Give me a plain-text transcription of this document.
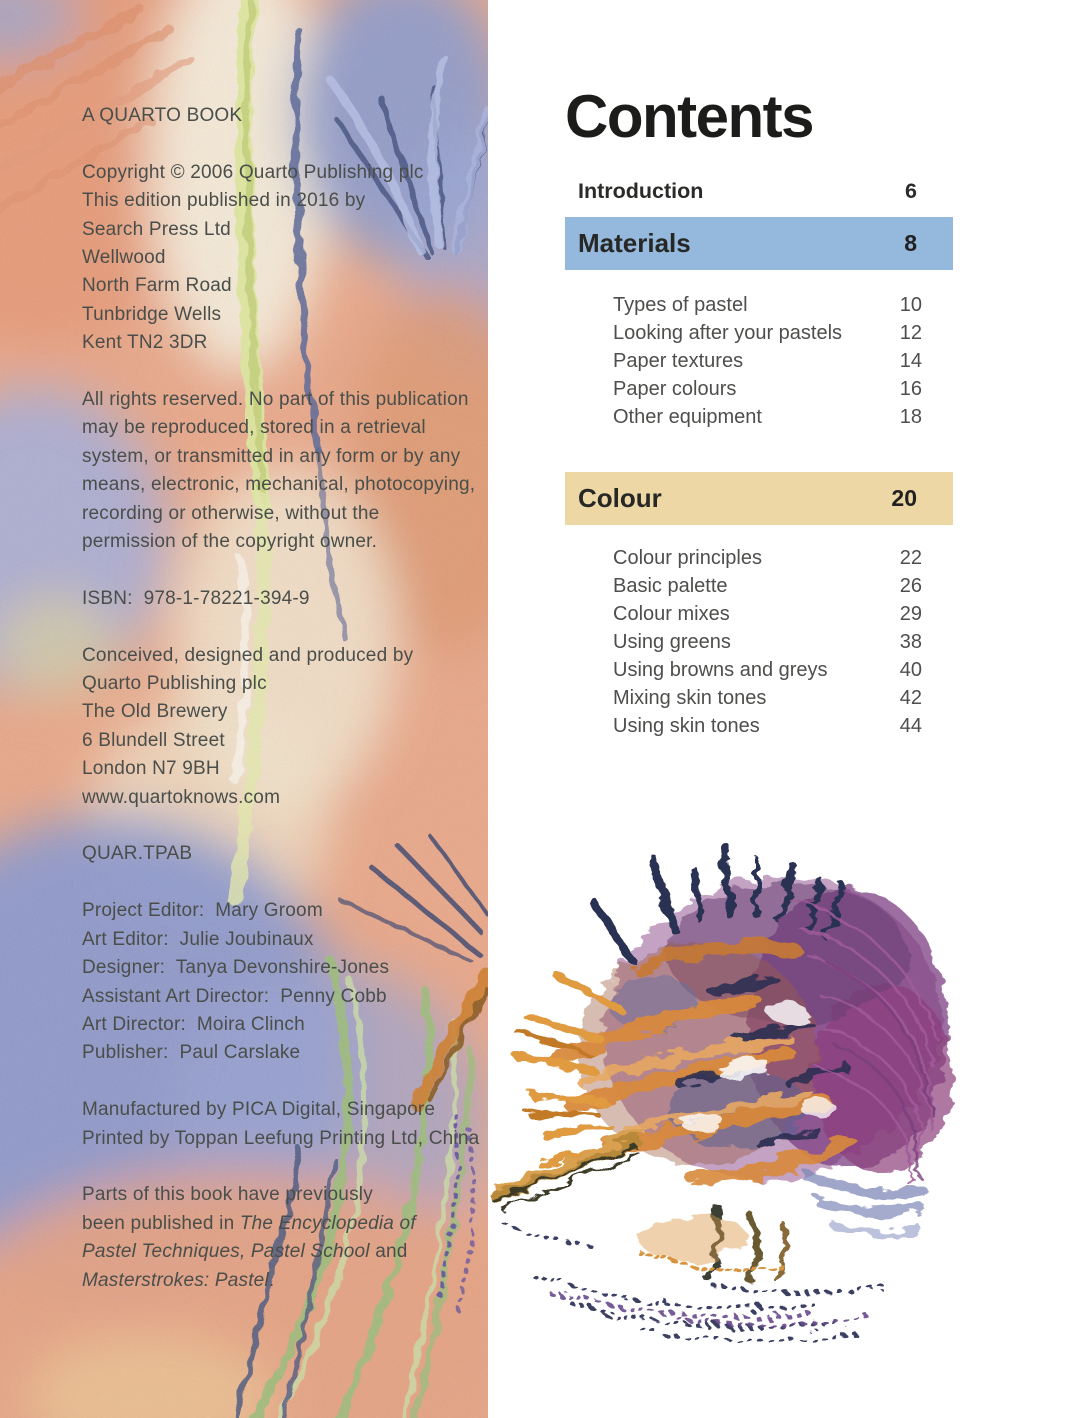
A QUARTO BOOK
Copyright © 2006 Quarto Publishing plc
This edition published in 2016 by
Search Press Ltd
Wellwood
North Farm Road
Tunbridge Wells
Kent TN2 3DR
All rights reserved. No part of this publication
may be reproduced, stored in a retrieval
system, or transmitted in any form or by any
means, electronic, mechanical, photocopying,
recording or otherwise, without the
permission of the copyright owner.
ISBN:  978-1-78221-394-9
Conceived, designed and produced by
Quarto Publishing plc
The Old Brewery
6 Blundell Street
London N7 9BH
www.quartoknows.com
QUAR.TPAB
Project Editor:  Mary Groom
Art Editor:  Julie Joubinaux
Designer:  Tanya Devonshire-Jones
Assistant Art Director:  Penny Cobb
Art Director:  Moira Clinch
Publisher:  Paul Carslake
Manufactured by PICA Digital, Singapore
Printed by Toppan Leefung Printing Ltd, China
Parts of this book have previously
been published in The Encyclopedia of
Pastel Techniques, Pastel School and
Masterstrokes: Pastel.
Contents
Introduction	6
Materials	8
Types of pastel	10
Looking after your pastels	12
Paper textures	14
Paper colours	16
Other equipment	18
Colour	20
Colour principles	22
Basic palette	26
Colour mixes	29
Using greens	38
Using browns and greys	40
Mixing skin tones	42
Using skin tones	44
